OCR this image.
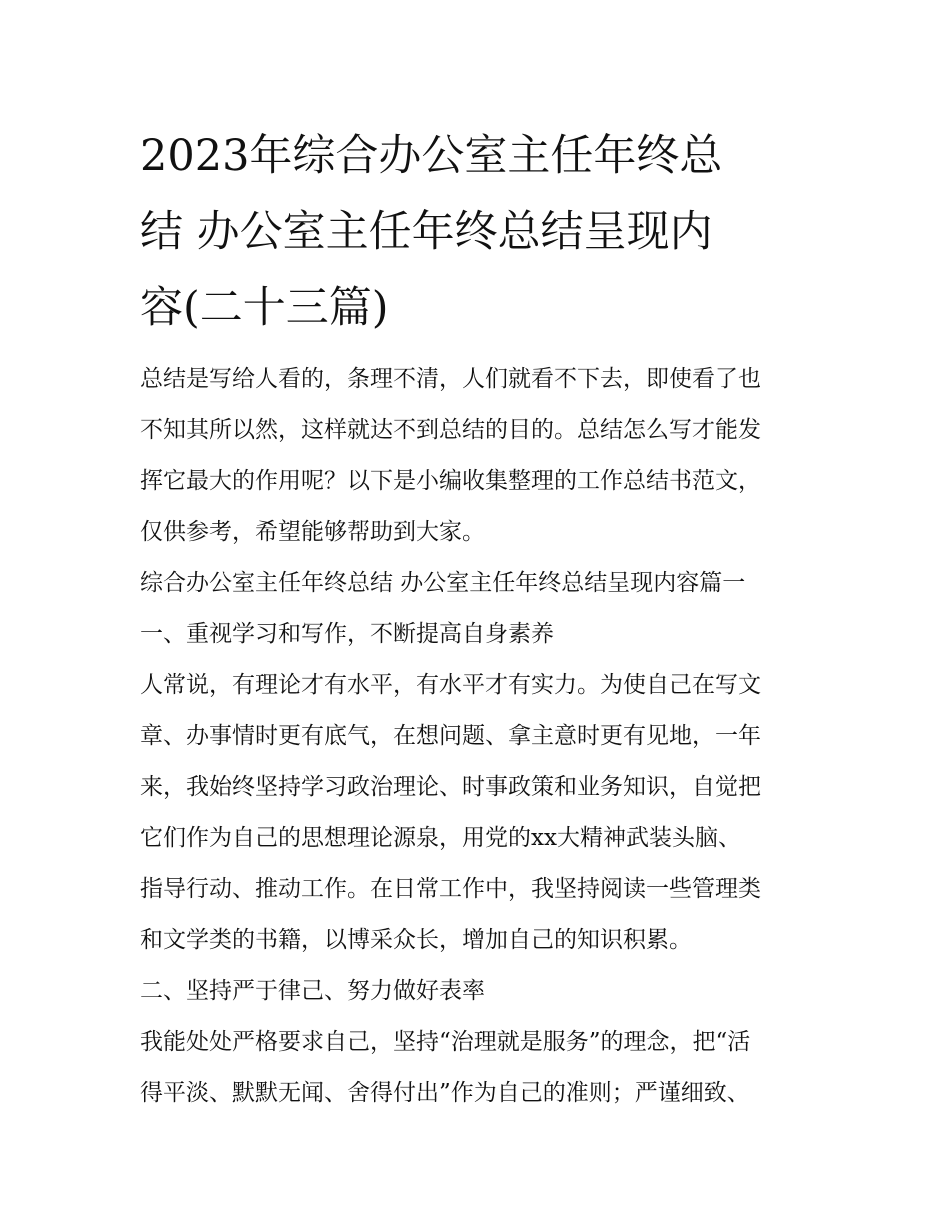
2023年综合办公室主任年终总
结 办公室主任年终总结呈现内
容(二十三篇)

总结是写给人看的，条理不清，人们就看不下去，即使看了也

不知其所以然，这样就达不到总结的目的。总结怎么写才能发

挥它最大的作用呢？以下是小编收集整理的工作总结书范文，

仅供参考，希望能够帮助到大家。

综合办公室主任年终总结 办公室主任年终总结呈现内容篇一

一、重视学习和写作，不断提高自身素养

人常说，有理论才有水平，有水平才有实力。为使自己在写文

章、办事情时更有底气，在想问题、拿主意时更有见地，一年

来，我始终坚持学习政治理论、时事政策和业务知识，自觉把

它们作为自己的思想理论源泉，用党的xx大精神武装头脑、

指导行动、推动工作。在日常工作中，我坚持阅读一些管理类

和文学类的书籍，以博采众长，增加自己的知识积累。

二、坚持严于律己、努力做好表率

我能处处严格要求自己，坚持“治理就是服务”的理念，把“活

得平淡、默默无闻、舍得付出”作为自己的准则；严谨细致、
